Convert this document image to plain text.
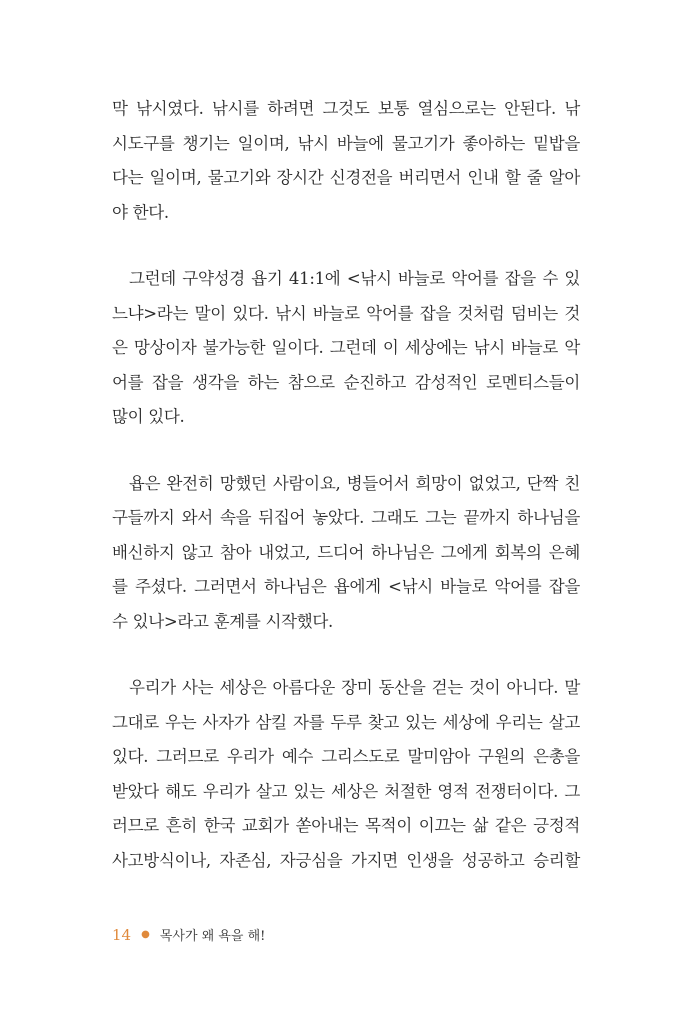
막 낚시였다. 낚시를 하려면 그것도 보통 열심으로는 안된다. 낚
시도구를 챙기는 일이며, 낚시 바늘에 물고기가 좋아하는 밑밥을
다는 일이며, 물고기와 장시간 신경전을 버리면서 인내 할 줄 알아
야 한다.
그런데 구약성경 욥기 41:1에 <낚시 바늘로 악어를 잡을 수 있
느냐>라는 말이 있다. 낚시 바늘로 악어를 잡을 것처럼 덤비는 것
은 망상이자 불가능한 일이다. 그런데 이 세상에는 낚시 바늘로 악
어를 잡을 생각을 하는 참으로 순진하고 감성적인 로멘티스들이
많이 있다.
욥은 완전히 망했던 사람이요, 병들어서 희망이 없었고, 단짝 친
구들까지 와서 속을 뒤집어 놓았다. 그래도 그는 끝까지 하나님을
배신하지 않고 참아 내었고, 드디어 하나님은 그에게 회복의 은혜
를 주셨다. 그러면서 하나님은 욥에게 <낚시 바늘로 악어를 잡을
수 있나>라고 훈계를 시작했다.
우리가 사는 세상은 아름다운 장미 동산을 걷는 것이 아니다. 말
그대로 우는 사자가 삼킬 자를 두루 찾고 있는 세상에 우리는 살고
있다. 그러므로 우리가 예수 그리스도로 말미암아 구원의 은총을
받았다 해도 우리가 살고 있는 세상은 처절한 영적 전쟁터이다. 그
러므로 흔히 한국 교회가 쏟아내는 목적이 이끄는 삶 같은 긍정적
사고방식이나, 자존심, 자긍심을 가지면 인생을 성공하고 승리할
14 ● 목사가 왜 욕을 해!
